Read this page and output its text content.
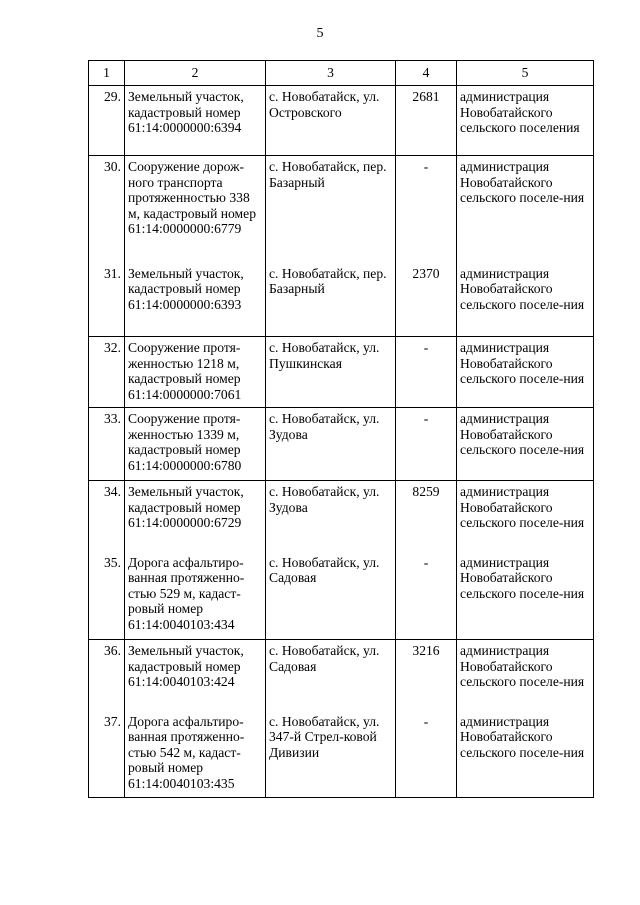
5
1	2	3	4	5
29.	Земельный участок, кадастровый номер 61:14:0000000:6394	с. Новобатайск, ул. Островского	2681	администрация Новобатайского сельского поселения
30.	Сооружение дорож-ного транспорта протяженностью 338 м, кадастровый номер 61:14:0000000:6779	с. Новобатайск, пер. Базарный	-	администрация Новобатайского сельского поселе-ния
31.	Земельный участок, кадастровый номер 61:14:0000000:6393	с. Новобатайск, пер. Базарный	2370	администрация Новобатайского сельского поселе-ния
32.	Сооружение протя-женностью 1218 м, кадастровый номер 61:14:0000000:7061	с. Новобатайск, ул. Пушкинская	-	администрация Новобатайского сельского поселе-ния
33.	Сооружение протя-женностью 1339 м, кадастровый номер 61:14:0000000:6780	с. Новобатайск, ул. Зудова	-	администрация Новобатайского сельского поселе-ния
34.	Земельный участок, кадастровый номер 61:14:0000000:6729	с. Новобатайск, ул. Зудова	8259	администрация Новобатайского сельского поселе-ния
35.	Дорога асфальтиро-ванная протяженно-стью 529 м, кадаст-ровый номер 61:14:0040103:434	с. Новобатайск, ул. Садовая	-	администрация Новобатайского сельского поселе-ния
36.	Земельный участок, кадастровый номер 61:14:0040103:424	с. Новобатайск, ул. Садовая	3216	администрация Новобатайского сельского поселе-ния
37.	Дорога асфальтиро-ванная протяженно-стью 542 м, кадаст-ровый номер 61:14:0040103:435	с. Новобатайск, ул. 347-й Стрел-ковой Дивизии	-	администрация Новобатайского сельского поселе-ния
